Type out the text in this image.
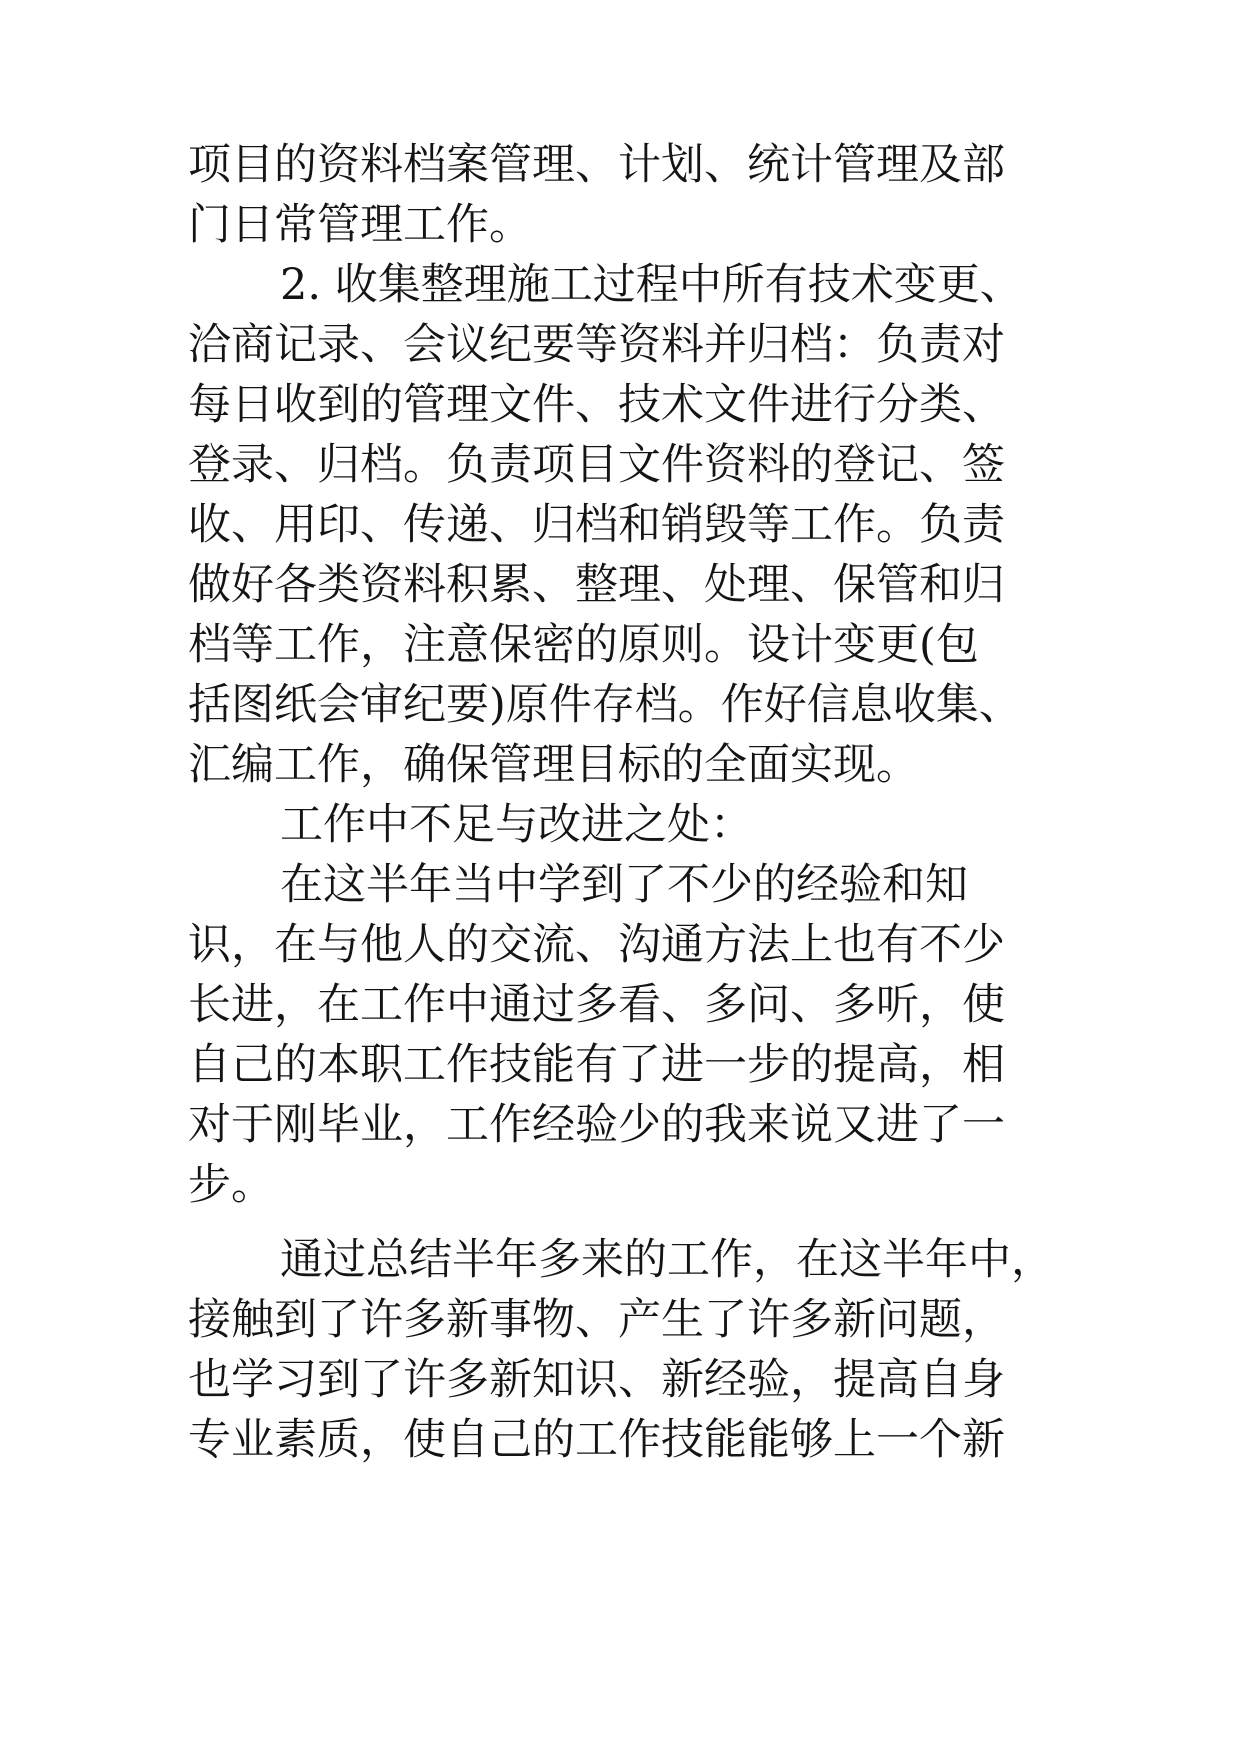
项目的资料档案管理、计划、统计管理及部
门日常管理工作。
2. 收集整理施工过程中所有技术变更、
洽商记录、会议纪要等资料并归档：负责对
每日收到的管理文件、技术文件进行分类、
登录、归档。负责项目文件资料的登记、签
收、用印、传递、归档和销毁等工作。负责
做好各类资料积累、整理、处理、保管和归
档等工作，注意保密的原则。设计变更(包
括图纸会审纪要)原件存档。作好信息收集、
汇编工作，确保管理目标的全面实现。
工作中不足与改进之处：
在这半年当中学到了不少的经验和知
识，在与他人的交流、沟通方法上也有不少
长进，在工作中通过多看、多问、多听，使
自己的本职工作技能有了进一步的提高，相
对于刚毕业，工作经验少的我来说又进了一
步。
通过总结半年多来的工作，在这半年中，
接触到了许多新事物、产生了许多新问题，
也学习到了许多新知识、新经验，提高自身
专业素质，使自己的工作技能能够上一个新
